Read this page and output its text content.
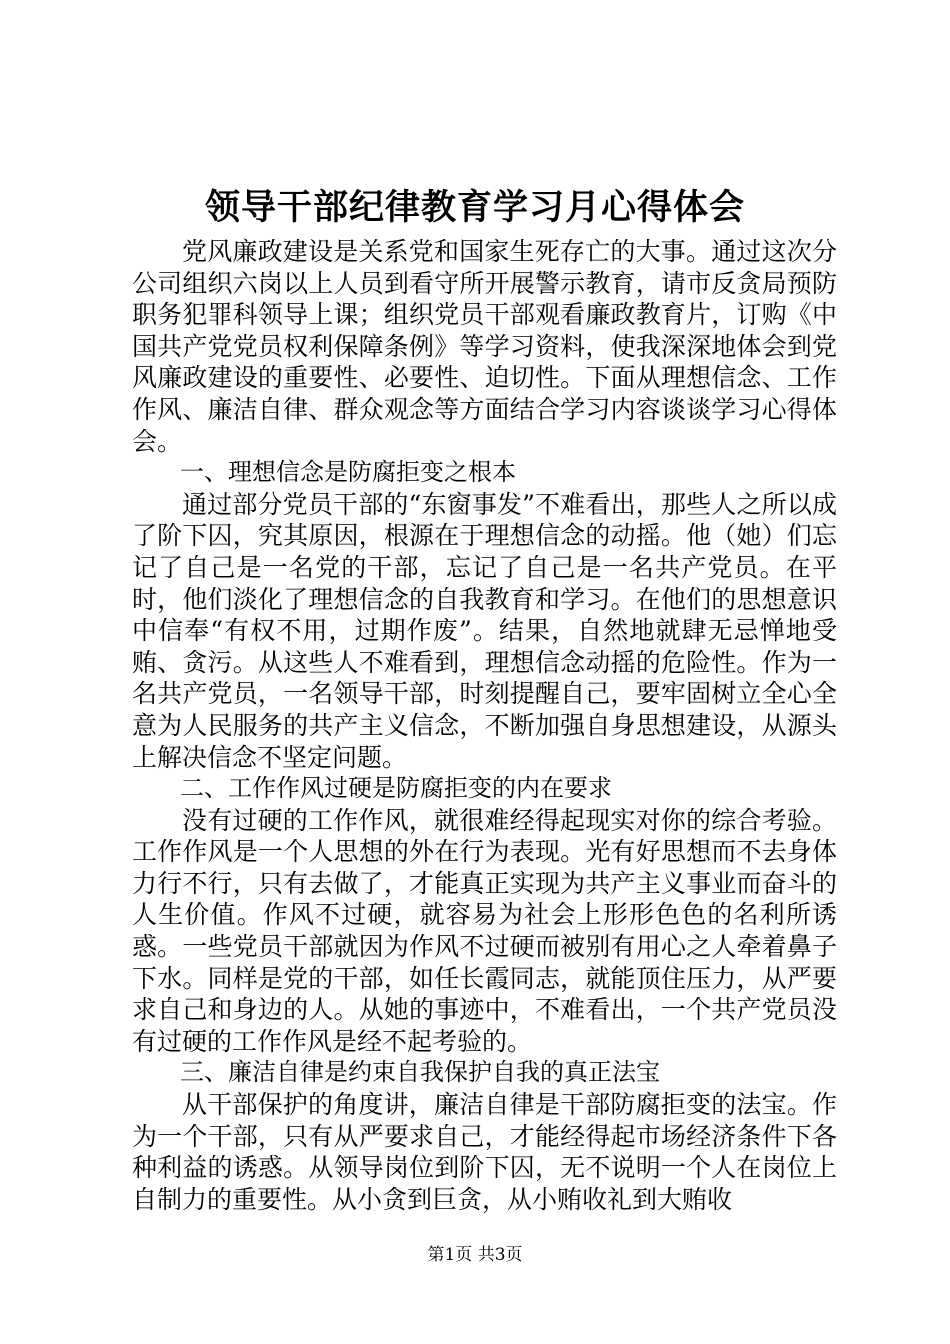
领导干部纪律教育学习月心得体会

党风廉政建设是关系党和国家生死存亡的大事。通过这次分公司组织六岗以上人员到看守所开展警示教育，请市反贪局预防职务犯罪科领导上课；组织党员干部观看廉政教育片，订购《中国共产党党员权利保障条例》等学习资料，使我深深地体会到党风廉政建设的重要性、必要性、迫切性。下面从理想信念、工作作风、廉洁自律、群众观念等方面结合学习内容谈谈学习心得体会。

一、理想信念是防腐拒变之根本

通过部分党员干部的“东窗事发”不难看出，那些人之所以成了阶下囚，究其原因，根源在于理想信念的动摇。他（她）们忘记了自己是一名党的干部，忘记了自己是一名共产党员。在平时，他们淡化了理想信念的自我教育和学习。在他们的思想意识中信奉“有权不用，过期作废”。结果，自然地就肆无忌惮地受贿、贪污。从这些人不难看到，理想信念动摇的危险性。作为一名共产党员，一名领导干部，时刻提醒自己，要牢固树立全心全意为人民服务的共产主义信念，不断加强自身思想建设，从源头上解决信念不坚定问题。

二、工作作风过硬是防腐拒变的内在要求

没有过硬的工作作风，就很难经得起现实对你的综合考验。工作作风是一个人思想的外在行为表现。光有好思想而不去身体力行不行，只有去做了，才能真正实现为共产主义事业而奋斗的人生价值。作风不过硬，就容易为社会上形形色色的名利所诱惑。一些党员干部就因为作风不过硬而被别有用心之人牵着鼻子下水。同样是党的干部，如任长霞同志，就能顶住压力，从严要求自己和身边的人。从她的事迹中，不难看出，一个共产党员没有过硬的工作作风是经不起考验的。

三、廉洁自律是约束自我保护自我的真正法宝

从干部保护的角度讲，廉洁自律是干部防腐拒变的法宝。作为一个干部，只有从严要求自己，才能经得起市场经济条件下各种利益的诱惑。从领导岗位到阶下囚，无不说明一个人在岗位上自制力的重要性。从小贪到巨贪，从小贿收礼到大贿收

第1页 共3页
